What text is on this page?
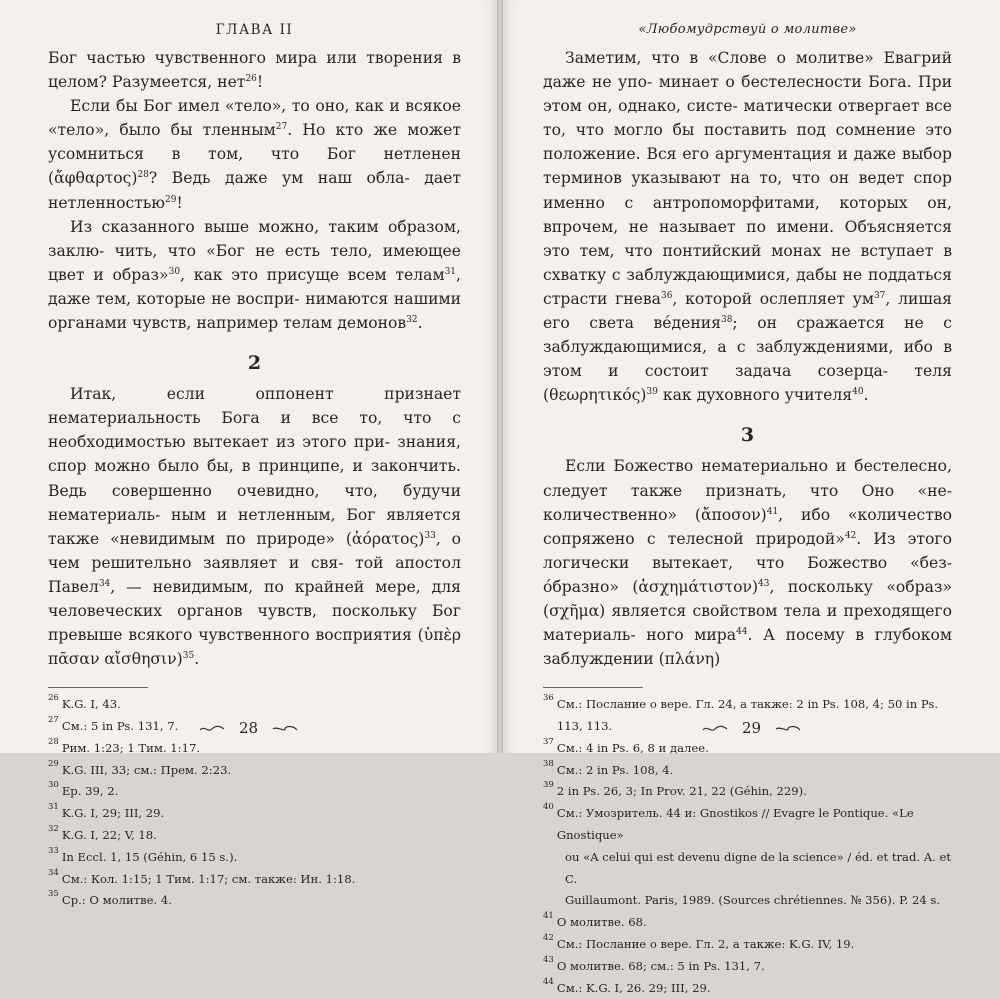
ГЛАВА II

Бог частью чувственного мира или творения в целом? Разумеется, нет$^{26}$!

Если бы Бог имел «тело», то оно, как и всякое «тело», было бы тленным$^{27}$. Но кто же может усомниться в том, что Бог нетленен (ἄφθαρτος)$^{28}$? Ведь даже ум наш обла- дает нетленностью$^{29}$!

Из сказанного выше можно, таким образом, заклю- чить, что «Бог не есть тело, имеющее цвет и образ»$^{30}$, как это присуще всем телам$^{31}$, даже тем, которые не воспри- нимаются нашими органами чувств, например телам демонов$^{32}$.

2

Итак, если оппонент признает нематериальность Бога и все то, что с необходимостью вытекает из этого при- знания, спор можно было бы, в принципе, и закончить. Ведь совершенно очевидно, что, будучи нематериаль- ным и нетленным, Бог является также «невидимым по природе» (ἀόρατος)$^{33}$, о чем решительно заявляет и свя- той апостол Павел$^{34}$, — невидимым, по крайней мере, для человеческих органов чувств, поскольку Бог превыше всякого чувственного восприятия (ὑπὲρ πᾶσαν αἴσθησιν)$^{35}$.

26 K.G. I, 43.
27 См.: 5 in Ps. 131, 7.
28 Рим. 1:23; 1 Тим. 1:17.
29 K.G. III, 33; см.: Прем. 2:23.
30 Ep. 39, 2.
31 K.G. I, 29; III, 29.
32 K.G. I, 22; V, 18.
33 In Eccl. 1, 15 (Géhin, 6 15 s.).
34 См.: Кол. 1:15; 1 Тим. 1:17; см. также: Ин. 1:18.
35 Ср.: О молитве. 4.
28
«Любомудрствуй о молитве»

Заметим, что в «Слове о молитве» Евагрий даже не упо- минает о бестелесности Бога. При этом он, однако, систе- матически отвергает все то, что могло бы поставить под сомнение это положение. Вся его аргументация и даже выбор терминов указывают на то, что он ведет спор именно с антропоморфитами, которых он, впрочем, не называет по имени. Объясняется это тем, что понтийский монах не вступает в схватку с заблуждающимися, дабы не поддаться страсти гнева$^{36}$, которой ослепляет $ум^{37}$, лишая его света ве́дения$^{38}$; он сражается не с заблуждающимися, а с заблуждениями, ибо в этом и состоит задача созерца- теля $(\theta\varepsilon\omega\rho\eta\tau\iota\kappa ό\varsigma)^{39}$ как духовного учителя$^{40}$.

3

Если Божество нематериально и бестелесно, следует также признать, что Оно «не-количественно» (ἄποσον)$^{41}$, ибо «количество сопряжено с телесной природой»$^{42}$. Из этого логически вытекает, что Божество «без- о́бразно» (ἀσχημάτιστον)$^{43}$, поскольку «образ» (σχῆμα) является свойством тела и преходящего материаль- ного мира$^{44}$. А посему в глубоком заблуждении (πλάνη)

36 См.: Послание о вере. Гл. 24, а также: 2 in Ps. 108, 4; 50 in Ps. 113, 113.
37 См.: 4 in Ps. 6, 8 и далее.
38 См.: 2 in Ps. 108, 4.
39 2 in Ps. 26, 3; In Prov. 21, 22 (Géhin, 229).
40 См.: Умозритель. 44 и: Gnostikos // Evagre le Pontique. «Le Gnostique»
ou «A celui qui est devenu digne de la science» / éd. et trad. A. et C.
Guillaumont. Paris, 1989. (Sources chrétiennes. № 356). P. 24 s.
41 О молитве. 68.
42 См.: Послание о вере. Гл. 2, а также: K.G. IV, 19.
43 О молитве. 68; см.: 5 in Ps. 131, 7.
44 См.: K.G. I, 26. 29; III, 29.
29
